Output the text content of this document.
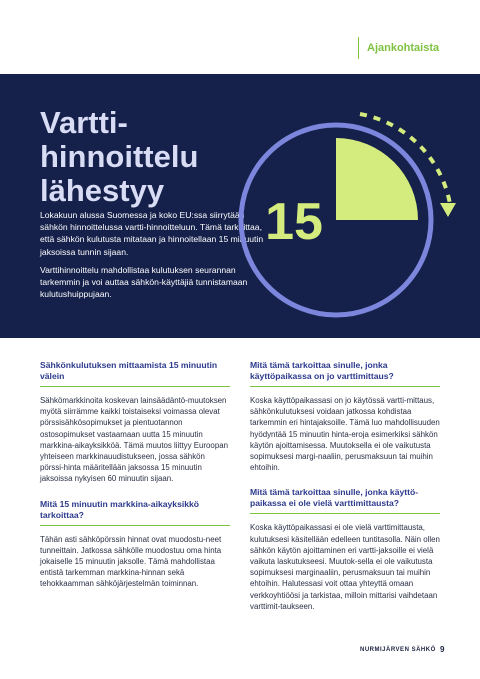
Ajankohtaista
Vartti-
hinnoittelu
lähestyy

Lokakuun alussa Suomessa ja koko EU:ssa siirrytään sähkön hinnoittelussa vartti-hinnoitteluun. Tämä tarkoittaa, että sähkön kulutusta mitataan ja hinnoitellaan 15 minuutin jaksoissa tunnin sijaan.

Varttihinnoittelu mahdollistaa kulutuksen seurannan tarkemmin ja voi auttaa sähkön-käyttäjiä tunnistamaan kulutushuippujaan.

15
Sähkönkulutuksen mittaamista 15 minuutin välein

Sähkömarkkinoita koskevan lainsäädäntö-muutoksen myötä siirrämme kaikki toistaiseksi voimassa olevat pörssisähkösopimukset ja pientuotannon ostosopimukset vastaamaan uutta 15 minuutin markkina-aikayksikköä. Tämä muutos liittyy Euroopan yhteiseen markkinauudistukseen, jossa sähkön pörssi-hinta määritellään jaksossa 15 minuutin jaksoissa nykyisen 60 minuutin sijaan.

Mitä 15 minuutin markkina-aikayksikkö tarkoittaa?

Tähän asti sähköpörssin hinnat ovat muodostu-neet tunneittain. Jatkossa sähkölle muodostuu oma hinta jokaiselle 15 minuutin jaksolle. Tämä mahdollistaa entistä tarkemman markkina-hinnan sekä tehokkaamman sähköjärjestelmän toiminnan.

Mitä tämä tarkoittaa sinulle, jonka käyttöpaikassa on jo varttimittaus?

Koska käyttöpaikassasi on jo käytössä vartti-mittaus, sähkönkulutuksesi voidaan jatkossa kohdistaa tarkemmin eri hintajaksoille. Tämä luo mahdollisuuden hyödyntää 15 minuutin hinta-eroja esimerkiksi sähkön käytön ajoittamisessa. Muutoksella ei ole vaikutusta sopimuksesi margi-naaliin, perusmaksuun tai muihin ehtoihin.

Mitä tämä tarkoittaa sinulle, jonka käyttö-paikassa ei ole vielä varttimittausta?

Koska käyttöpaikassasi ei ole vielä varttimittausta, kulutuksesi käsitellään edelleen tuntitasolla. Näin ollen sähkön käytön ajoittaminen eri vartti-jaksoille ei vielä vaikuta laskutukseesi. Muutok-sella ei ole vaikutusta sopimuksesi marginaaliin, perusmaksuun tai muihin ehtoihin. Halutessasi voit ottaa yhteyttä omaan verkkoyhtiöösi ja tarkistaa, milloin mittarisi vaihdetaan varttimit-taukseen.

NURMIJÄRVEN SÄHKÖ 9
